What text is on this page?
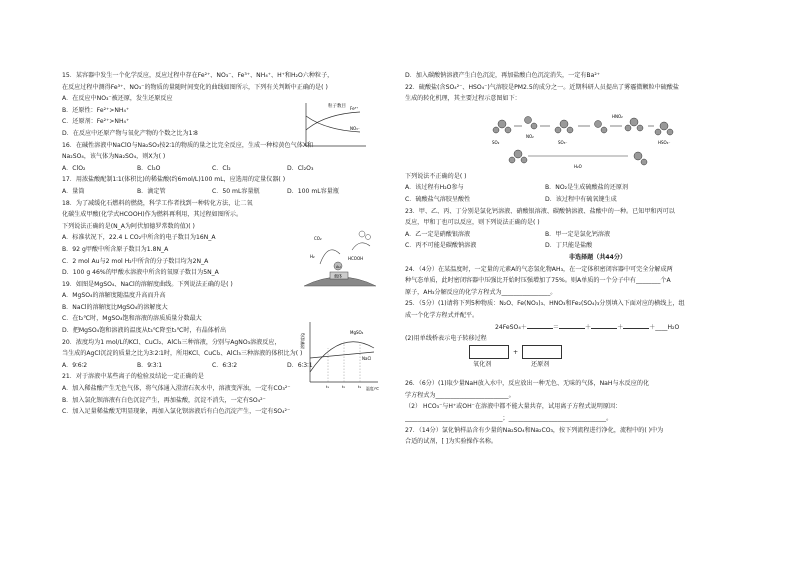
15．某容器中发生一个化学反应，反应过程中存在Fe²⁺、NO₃⁻、Fe³⁺、NH₄⁺、H⁺和H₂O六种粒子，
在反应过程中测得Fe³⁺、NO₃⁻的物质的量随时间变化的曲线如图所示，下列有关判断中正确的是( )
A．在反应中NO₃⁻被还原，发生还原反应
B．还原性：Fe²⁺>NH₄⁺
C．还原剂：Fe²⁺>NH₄⁺
D．在反应中还原产物与氧化产物的个数之比为1∶8
16．在碱性溶液中NaClO与Na₂SO₃按2∶1的物质的量之比完全反应，生成一种棕黄色气体X和
Na₂SO₄，该气体为Na₂SO₄，则X为( )
A．ClO₂	B．Cl₂O	C．Cl₂	D．Cl₂O₃
17．用浓盐酸配制1∶1(体积比)的稀盐酸(约6mol/L)100 mL，应选用的定量仪器( )
A．量筒	B．滴定管	C．50 mL容量瓶	D．100 mL容量瓶
18．为了减缓化石燃料的燃烧，科学工作者找到一种转化方法，让二氧
化碳生成甲酸(化学式HCOOH)作为燃料再利用，其过程如图所示。
下列说法正确的是(N_A为阿伏加德罗常数的值)( )
A．标准状况下，22.4 L CO₂中所含的电子数目为16N_A
B．92 g甲酸中所含原子数目为1.8N_A
C．2 mol Au与2 mol H₂中所含的分子数目均为2N_A
D．100 g 46%的甲酸水溶液中所含的氧原子数目为5N_A
19．如图是MgSO₄、NaCl的溶解度曲线。下列说法正确的是( )
A．MgSO₄的溶解度随温度升高而升高
B．NaCl的溶解度比MgSO₄的溶解度大
C．在t₂℃时，MgSO₄饱和溶液的溶质质量分数最大
D．把MgSO₄饱和溶液的温度从t₃℃降至t₂℃时，有晶体析出
20．浓度均为1 mol/L的KCl、CuCl₂、AlCl₃三种溶液，分别与AgNO₃溶液反应，
当生成的AgCl沉淀的质量之比为3∶2∶1时，所用KCl、CuCl₂、AlCl₃三种溶液的体积比为( )
A．9∶6∶2	B．9∶3∶1	C．6∶3∶2	D．6∶3∶1
21．对于溶液中某些离子的检验及结论一定正确的是
A．加入稀盐酸产生无色气体，将气体通入澄清石灰水中，溶液变浑浊，一定有CO₃²⁻
B．加入氯化钡溶液有白色沉淀产生，再加盐酸，沉淀不消失，一定有SO₄²⁻
C．加入足量稀盐酸无明显现象，再加入氯化钡溶液后有白色沉淀产生，一定有SO₄²⁻
D．加入碳酸钠溶液产生白色沉淀，再加盐酸白色沉淀消失，一定有Ba²⁺
22．硫酸盐(含SO₄²⁻、HSO₄⁻)气溶胶是PM2.5的成分之一。近期科研人员提出了雾霾微颗粒中硫酸盐
生成的转化机理，其主要过程示意图如下：
下列说法不正确的是( )
A．该过程有H₂O参与	B．NO₂是生成硫酸盐的还原剂
C．硫酸盐气溶胶呈酸性	D．该过程中有硫氧键生成
23．甲、乙、丙、丁分别是氯化钙溶液、硝酸银溶液、碳酸钠溶液、盐酸中的一种。已知甲和丙可以
反应，甲和丁也可以反应，则下列说法正确的是( )
A．乙一定是硝酸银溶液	B．甲一定是氯化钙溶液
C．丙不可能是碳酸钠溶液	D．丁只能是盐酸
非选择题（共44分）
24．（4分）在某温度时，一定量的元素A的气态氢化物AH₃，在一定体积密闭容器中可完全分解成两
种气态单质，此时密闭容器中压强比开始时压强增加了75%。则A单质的一个分子中有________个A
原子，AH₃分解反应的化学方程式为________________。
25．（5分）(1)请将下列5种物质：N₂O、Fe(NO₃)₃、HNO₃和Fe₂(SO₄)₃分别填入下面对应的横线上，组
成一个化学方程式并配平。
24FeSO₄＋	＝	＋	＋	＋____H₂O
(2)用单线桥表示电子转移过程
+
氧化剂	还原剂
26．（6分）(1)取少量NaH放入水中，反应放出一种无色、无味的气体，NaH与水反应的化
学方程式为________________________。
（2） HCO₃⁻与H⁺或OH⁻在溶液中都不能大量共存，试用离子方程式说明原因：
________________________________；________________________________。
27．（14分）氯化钠样品含有少量的Na₂SO₄和Na₂CO₃，按下列流程进行净化，流程中的( )中为
合适的试剂，[ ]为实验操作名称。
粒子数目 Fe³⁺
NO₃⁻
载体
Au
H₂
CO₂
HCOOH
溶解度/g
MgSO₄
NaCl
t₁	t₂	t₃ 温度/℃
SO₂
NO₂
HNO₂
HSO₄⁻
SO₃⁻
H₂O
